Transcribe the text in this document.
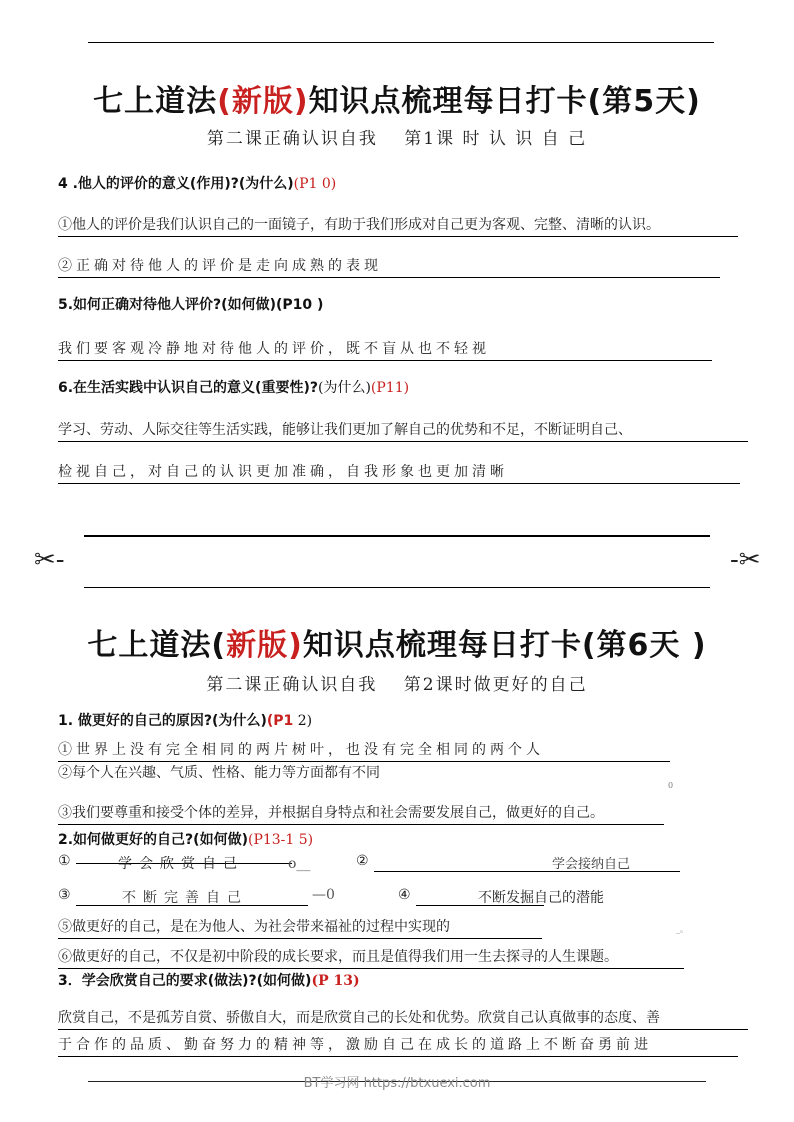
七上道法(新版)知识点梳理每日打卡(第5天)
第二课正确认识自我　 第1课 时 认 识 自 己
4 .他人的评价的意义(作用)?(为什么)(P1 0)
①他人的评价是我们认识自己的一面镜子，有助于我们形成对自己更为客观、完整、清晰的认识。
②正确对待他人的评价是走向成熟的表现
5.如何正确对待他人评价?(如何做)(P10 )
我们要客观冷静地对待他人的评价，既不盲从也不轻视
6.在生活实践中认识自己的意义(重要性)?(为什么)(P11)
学习、劳动、人际交往等生活实践，能够让我们更加了解自己的优势和不足，不断证明自己、
检视自己，对自己的认识更加准确，自我形象也更加清晰
✂-	-✂
七上道法(新版)知识点梳理每日打卡(第6天 )
第二课正确认识自我　 第2课时做更好的自己
1. 做更好的自己的原因?(为什么)(P1 2)
①世界上没有完全相同的两片树叶，也没有完全相同的两个人
②每个人在兴趣、气质、性格、能力等方面都有不同
0
③我们要尊重和接受个体的差异，并根据自身特点和社会需要发展自己，做更好的自己。
2.如何做更好的自己?(如何做)(P13-1 5)
①	学会欣赏自己	o__	②	学会接纳自己
③	不断完善自己	—0	④	不断发掘自己的潜能
⑤做更好的自己，是在为他人、为社会带来福祉的过程中实现的	_。
⑥做更好的自己，不仅是初中阶段的成长要求，而且是值得我们用一生去探寻的人生课题。
3．学会欣赏自己的要求(做法)?(如何做)(P 13)
欣赏自己，不是孤芳自赏、骄傲自大，而是欣赏自己的长处和优势。欣赏自己认真做事的态度、善
于合作的品质、勤奋努力的精神等，激励自己在成长的道路上不断奋勇前进
BT学习网 https://btxuexi.com
